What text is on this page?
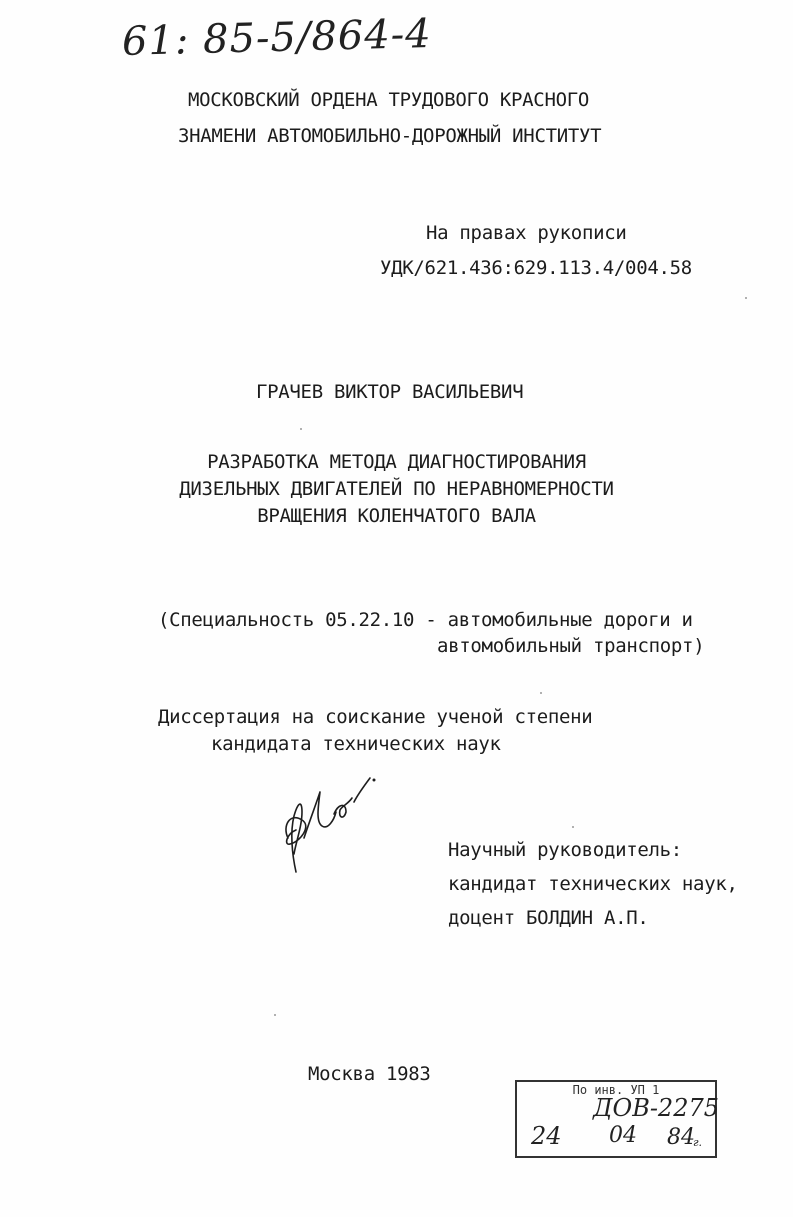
61: 85-5/864-4
МОСКОВСКИЙ ОРДЕНА ТРУДОВОГО КРАСНОГО
ЗНАМЕНИ АВТОМОБИЛЬНО-ДОРОЖНЫЙ ИНСТИТУТ
На правах рукописи
УДК/621.436:629.113.4/004.58
ГРАЧЕВ ВИКТОР ВАСИЛЬЕВИЧ
РАЗРАБОТКА МЕТОДА ДИАГНОСТИРОВАНИЯ
ДИЗЕЛЬНЫХ ДВИГАТЕЛЕЙ ПО НЕРАВНОМЕРНОСТИ
ВРАЩЕНИЯ КОЛЕНЧАТОГО ВАЛА
(Специальность 05.22.10 - автомобильные дороги и
автомобильный транспорт)
Диссертация на соискание ученой степени
кандидата технических наук
Научный руководитель:
кандидат технических наук,
доцент БОЛДИН А.П.
Москва 1983
По инв. УП 1
ДОВ-2275
24 04 84
г.
